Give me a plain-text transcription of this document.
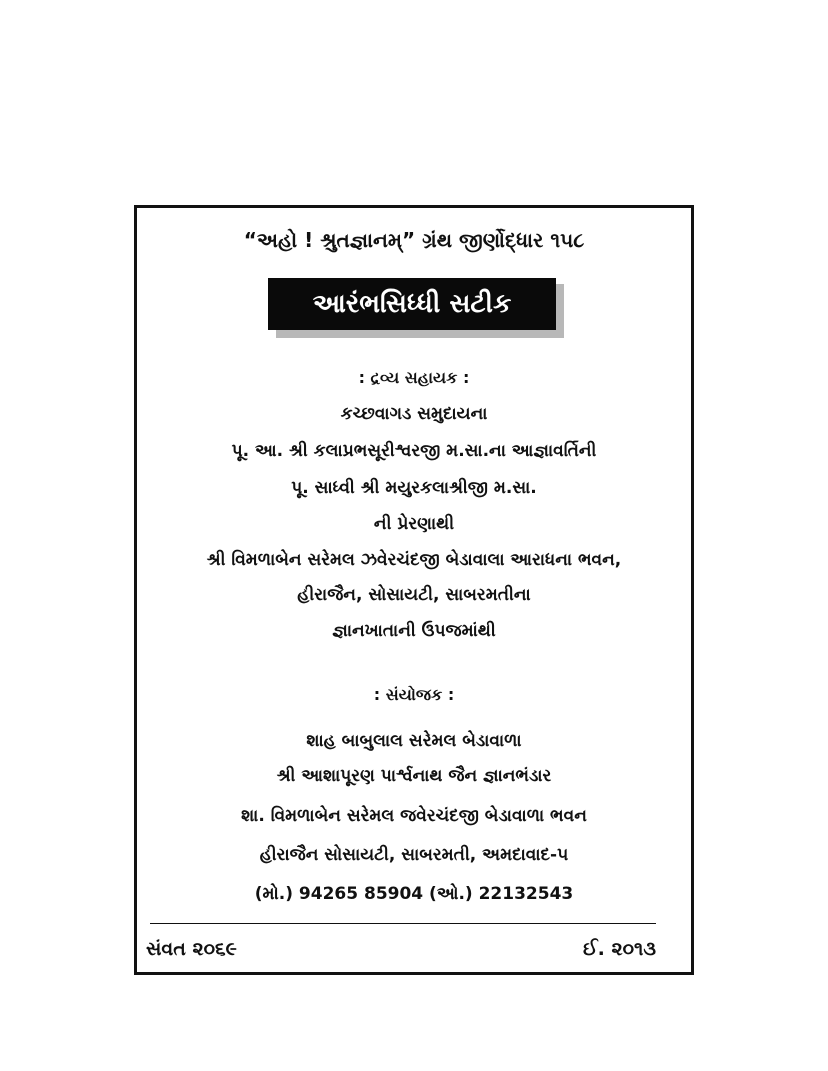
“અહો ! શ્રુતજ્ઞાનમ્” ગ્રંથ જીર્ણોદ્ધાર ૧૫૮
આરંભસિધ્ધી સટીક
: દ્રવ્ય સહાયક :
કચ્છવાગડ સમુદાયના
પૂ. આ. શ્રી કલાપ્રભસૂરીશ્વરજી મ.સા.ના આજ્ઞાવર્તિની
પૂ. સાધ્વી શ્રી મયુરકલાશ્રીજી મ.સા.
ની પ્રેરણાથી
શ્રી વિમળાબેન સરેમલ ઝવેરચંદજી બેડાવાલા આરાધના ભવન,
હીરાજૈન, સોસાયટી, સાબરમતીના
જ્ઞાનખાતાની ઉપજમાંથી
: સંયોજક :
શાહ બાબુલાલ સરેમલ બેડાવાળા
શ્રી આશાપૂરણ પાર્શ્વનાથ જૈન જ્ઞાનભંડાર
શા. વિમળાબેન સરેમલ જવેરચંદજી બેડાવાળા ભવન
હીરાજૈન સોસાયટી, સાબરમતી, અમદાવાદ-૫
(મો.) 94265 85904 (ઓ.) 22132543
સંવત ૨૦૬૯	ઈ. ૨૦૧૩
